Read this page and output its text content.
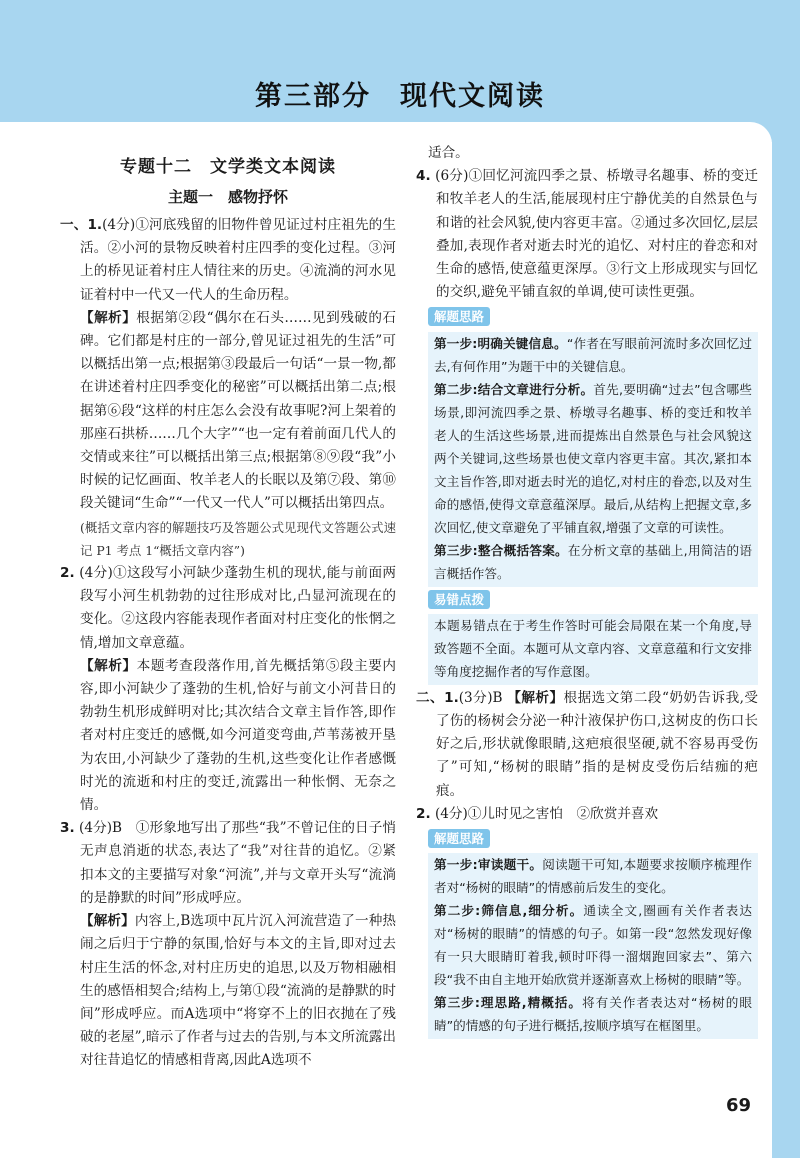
第三部分　现代文阅读
专题十二　文学类文本阅读
主题一　感物抒怀

一、1.(4分)①河底残留的旧物件曾见证过村庄祖先的生活。②小河的景物反映着村庄四季的变化过程。③河上的桥见证着村庄人情往来的历史。④流淌的河水见证着村中一代又一代人的生命历程。

【解析】根据第②段“偶尔在石头……见到残破的石碑。它们都是村庄的一部分,曾见证过祖先的生活”可以概括出第一点;根据第③段最后一句话“一景一物,都在讲述着村庄四季变化的秘密”可以概括出第二点;根据第⑥段“这样的村庄怎么会没有故事呢?河上架着的那座石拱桥……几个大字”“也一定有着前面几代人的交情或来往”可以概括出第三点;根据第⑧⑨段“我”小时候的记忆画面、牧羊老人的长眠以及第⑦段、第⑩段关键词“生命”“一代又一代人”可以概括出第四点。

(概括文章内容的解题技巧及答题公式见现代文答题公式速记 P1 考点 1“概括文章内容”)

2. (4分)①这段写小河缺少蓬勃生机的现状,能与前面两段写小河生机勃勃的过往形成对比,凸显河流现在的变化。②这段内容能表现作者面对村庄变化的怅惘之情,增加文章意蕴。

【解析】本题考查段落作用,首先概括第⑤段主要内容,即小河缺少了蓬勃的生机,恰好与前文小河昔日的勃勃生机形成鲜明对比;其次结合文章主旨作答,即作者对村庄变迁的感慨,如今河道变弯曲,芦苇荡被开垦为农田,小河缺少了蓬勃的生机,这些变化让作者感慨时光的流逝和村庄的变迁,流露出一种怅惘、无奈之情。

3. (4分)B　①形象地写出了那些“我”不曾记住的日子悄无声息消逝的状态,表达了“我”对往昔的追忆。②紧扣本文的主要描写对象“河流”,并与文章开头写“流淌的是静默的时间”形成呼应。

【解析】内容上,B选项中瓦片沉入河流营造了一种热闹之后归于宁静的氛围,恰好与本文的主旨,即对过去村庄生活的怀念,对村庄历史的追思,以及万物相融相生的感悟相契合;结构上,与第①段“流淌的是静默的时间”形成呼应。而A选项中“将穿不上的旧衣抛在了残破的老屋”,暗示了作者与过去的告别,与本文所流露出对往昔追忆的情感相背离,因此A选项不

适合。

4. (6分)①回忆河流四季之景、桥墩寻名趣事、桥的变迁和牧羊老人的生活,能展现村庄宁静优美的自然景色与和谐的社会风貌,使内容更丰富。②通过多次回忆,层层叠加,表现作者对逝去时光的追忆、对村庄的眷恋和对生命的感悟,使意蕴更深厚。③行文上形成现实与回忆的交织,避免平铺直叙的单调,使可读性更强。

解题思路

第一步:明确关键信息。“作者在写眼前河流时多次回忆过去,有何作用”为题干中的关键信息。

第二步:结合文章进行分析。首先,要明确“过去”包含哪些场景,即河流四季之景、桥墩寻名趣事、桥的变迁和牧羊老人的生活这些场景,进而提炼出自然景色与社会风貌这两个关键词,这些场景也使文章内容更丰富。其次,紧扣本文主旨作答,即对逝去时光的追忆,对村庄的眷恋,以及对生命的感悟,使得文章意蕴深厚。最后,从结构上把握文章,多次回忆,使文章避免了平铺直叙,增强了文章的可读性。

第三步:整合概括答案。在分析文章的基础上,用简洁的语言概括作答。

易错点拨

本题易错点在于考生作答时可能会局限在某一个角度,导致答题不全面。本题可从文章内容、文章意蕴和行文安排等角度挖掘作者的写作意图。

二、1.(3分)B 【解析】根据选文第二段“奶奶告诉我,受了伤的杨树会分泌一种汁液保护伤口,这树皮的伤口长好之后,形状就像眼睛,这疤痕很坚硬,就不容易再受伤了”可知,“杨树的眼睛”指的是树皮受伤后结痂的疤痕。

2. (4分)①儿时见之害怕　②欣赏并喜欢

解题思路

第一步:审读题干。阅读题干可知,本题要求按顺序梳理作者对“杨树的眼睛”的情感前后发生的变化。

第二步:筛信息,细分析。通读全文,圈画有关作者表达对“杨树的眼睛”的情感的句子。如第一段“忽然发现好像有一只大眼睛盯着我,顿时吓得一溜烟跑回家去”、第六段“我不由自主地开始欣赏并逐渐喜欢上杨树的眼睛”等。

第三步:理思路,精概括。将有关作者表达对“杨树的眼睛”的情感的句子进行概括,按顺序填写在框图里。

69
